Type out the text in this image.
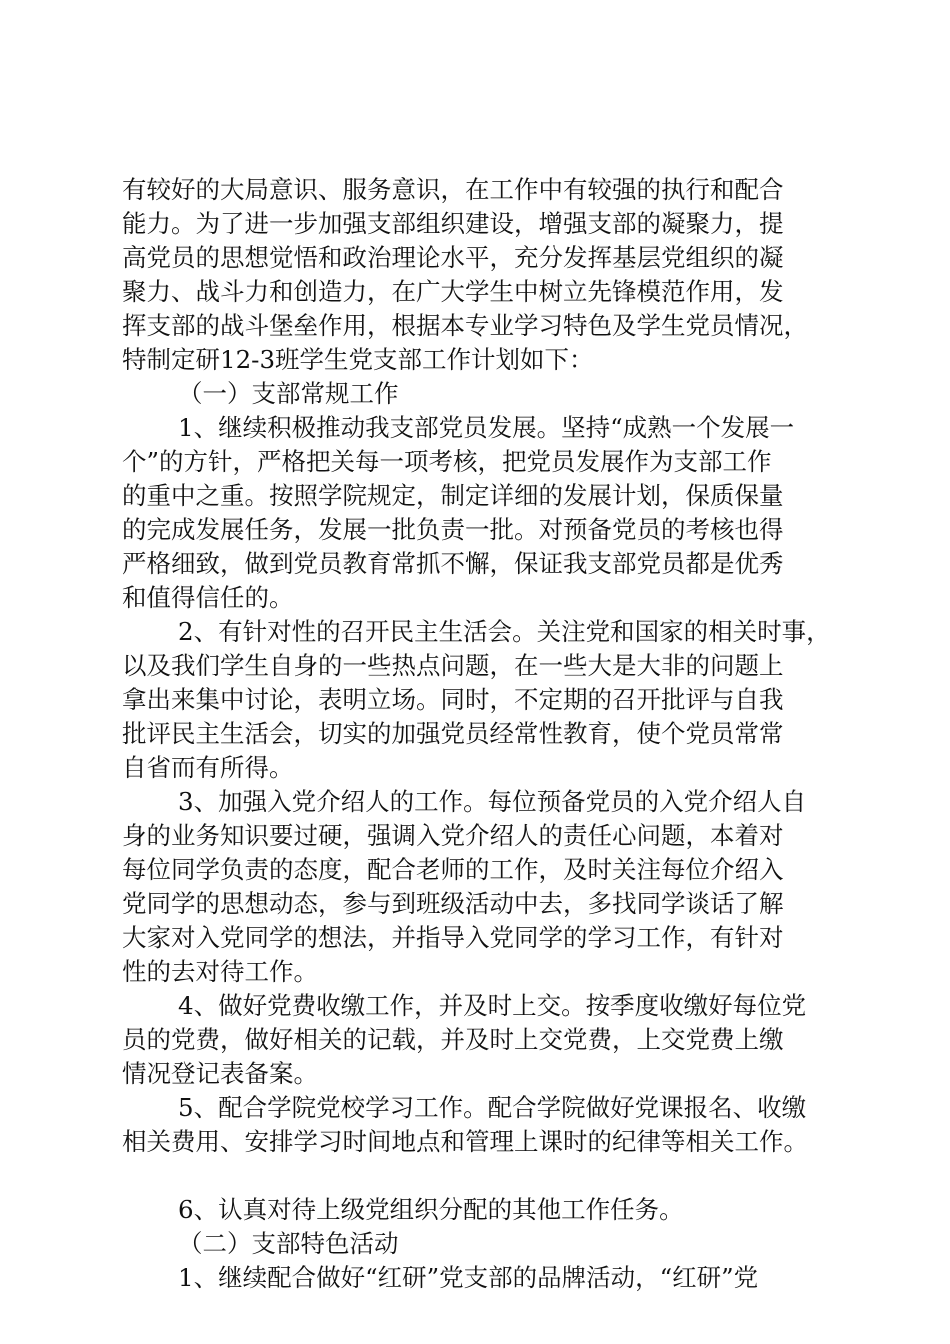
有较好的大局意识、服务意识，在工作中有较强的执行和配合
能力。为了进一步加强支部组织建设，增强支部的凝聚力，提
高党员的思想觉悟和政治理论水平，充分发挥基层党组织的凝
聚力、战斗力和创造力，在广大学生中树立先锋模范作用，发
挥支部的战斗堡垒作用，根据本专业学习特色及学生党员情况，
特制定研12-3班学生党支部工作计划如下：
（一）支部常规工作
1、继续积极推动我支部党员发展。坚持“成熟一个发展一
个”的方针，严格把关每一项考核，把党员发展作为支部工作
的重中之重。按照学院规定，制定详细的发展计划，保质保量
的完成发展任务，发展一批负责一批。对预备党员的考核也得
严格细致，做到党员教育常抓不懈，保证我支部党员都是优秀
和值得信任的。
2、有针对性的召开民主生活会。关注党和国家的相关时事，
以及我们学生自身的一些热点问题，在一些大是大非的问题上
拿出来集中讨论，表明立场。同时，不定期的召开批评与自我
批评民主生活会，切实的加强党员经常性教育，使个党员常常
自省而有所得。
3、加强入党介绍人的工作。每位预备党员的入党介绍人自
身的业务知识要过硬，强调入党介绍人的责任心问题，本着对
每位同学负责的态度，配合老师的工作，及时关注每位介绍入
党同学的思想动态，参与到班级活动中去，多找同学谈话了解
大家对入党同学的想法，并指导入党同学的学习工作，有针对
性的去对待工作。
4、做好党费收缴工作，并及时上交。按季度收缴好每位党
员的党费，做好相关的记载，并及时上交党费，上交党费上缴
情况登记表备案。
5、配合学院党校学习工作。配合学院做好党课报名、收缴
相关费用、安排学习时间地点和管理上课时的纪律等相关工作。
6、认真对待上级党组织分配的其他工作任务。
（二）支部特色活动
1、继续配合做好“红研”党支部的品牌活动，“红研”党
